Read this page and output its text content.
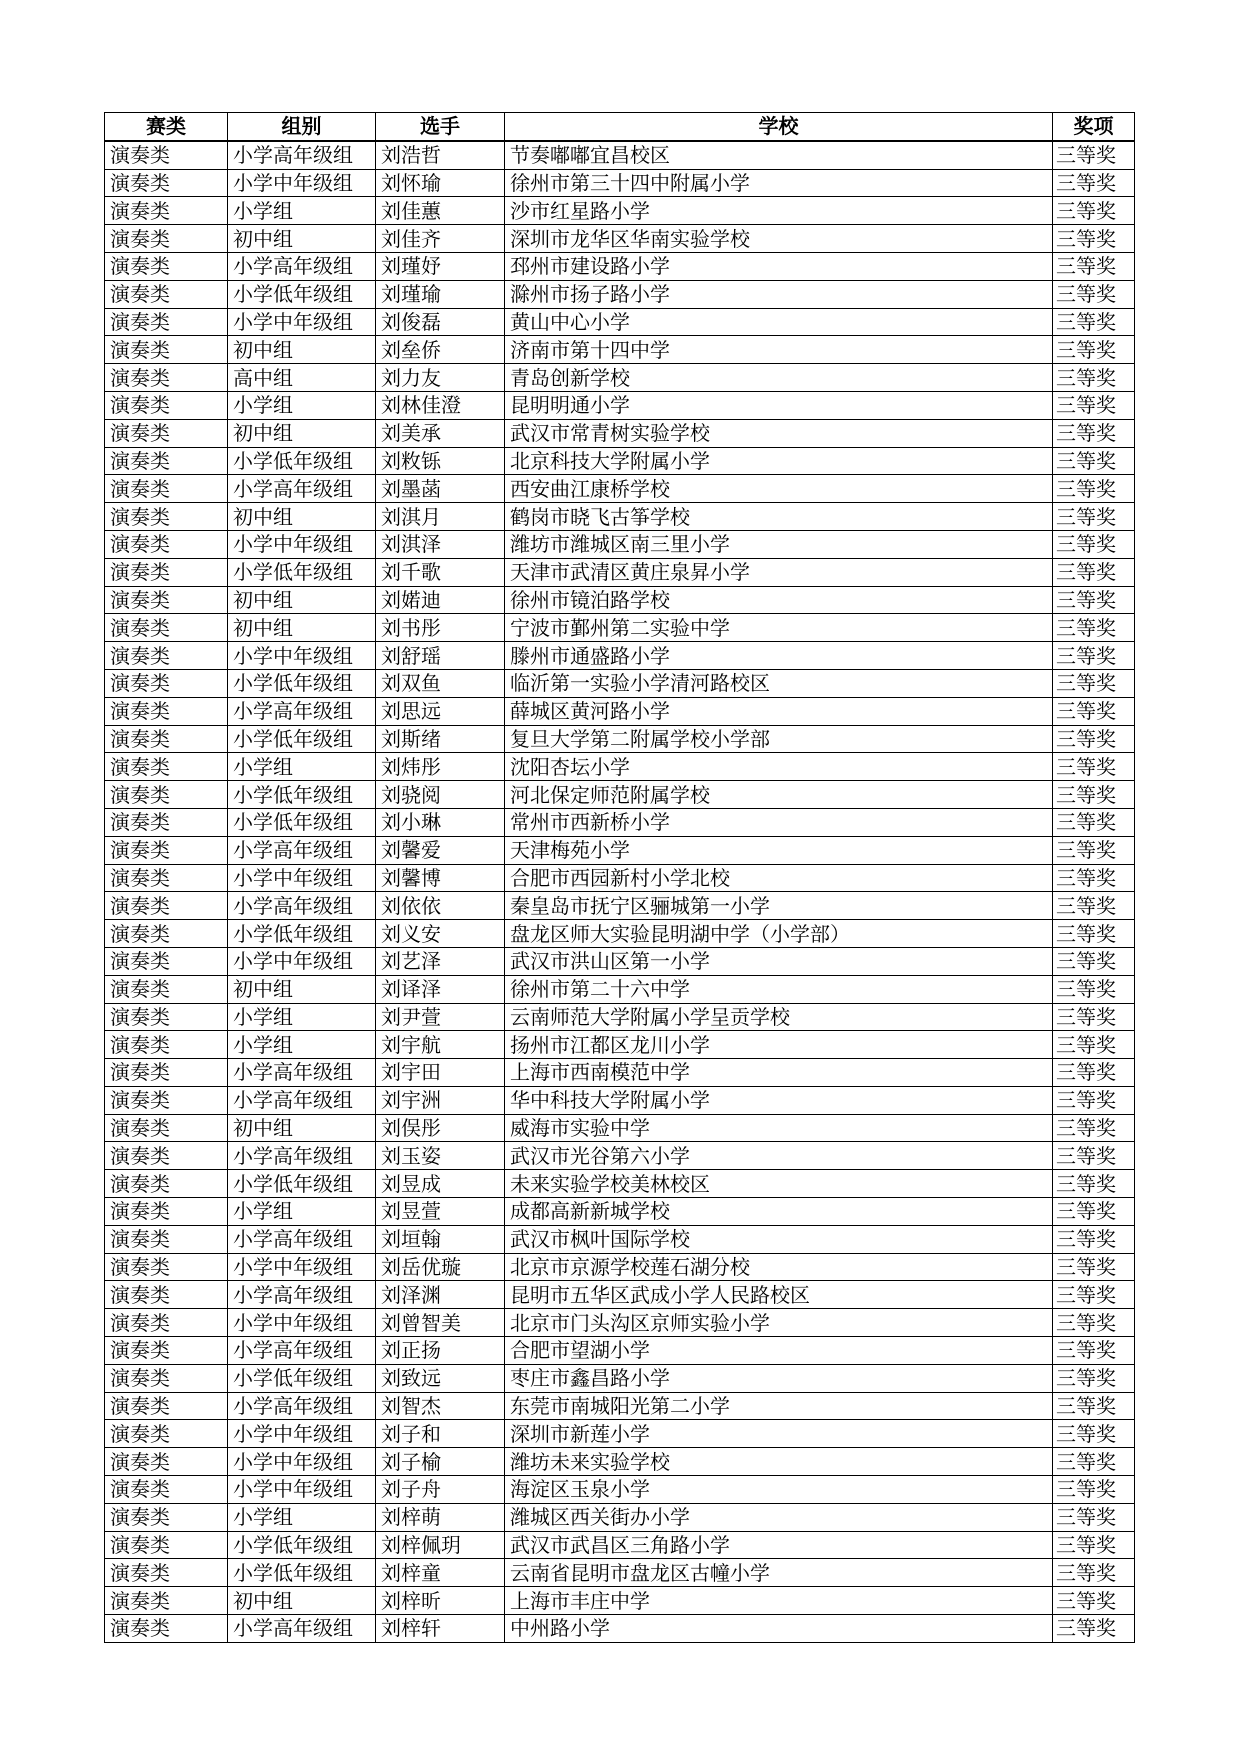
赛类	组别	选手	学校	奖项
演奏类	小学高年级组	刘浩哲	节奏嘟嘟宜昌校区	三等奖
演奏类	小学中年级组	刘怀瑜	徐州市第三十四中附属小学	三等奖
演奏类	小学组	刘佳蕙	沙市红星路小学	三等奖
演奏类	初中组	刘佳齐	深圳市龙华区华南实验学校	三等奖
演奏类	小学高年级组	刘瑾妤	邳州市建设路小学	三等奖
演奏类	小学低年级组	刘瑾瑜	滁州市扬子路小学	三等奖
演奏类	小学中年级组	刘俊磊	黄山中心小学	三等奖
演奏类	初中组	刘垒侨	济南市第十四中学	三等奖
演奏类	高中组	刘力友	青岛创新学校	三等奖
演奏类	小学组	刘林佳澄	昆明明通小学	三等奖
演奏类	初中组	刘美承	武汉市常青树实验学校	三等奖
演奏类	小学低年级组	刘敉铄	北京科技大学附属小学	三等奖
演奏类	小学高年级组	刘墨菡	西安曲江康桥学校	三等奖
演奏类	初中组	刘淇月	鹤岗市晓飞古筝学校	三等奖
演奏类	小学中年级组	刘淇泽	潍坊市潍城区南三里小学	三等奖
演奏类	小学低年级组	刘千歌	天津市武清区黄庄泉昇小学	三等奖
演奏类	初中组	刘婼迪	徐州市镜泊路学校	三等奖
演奏类	初中组	刘书彤	宁波市鄞州第二实验中学	三等奖
演奏类	小学中年级组	刘舒瑶	滕州市通盛路小学	三等奖
演奏类	小学低年级组	刘双鱼	临沂第一实验小学清河路校区	三等奖
演奏类	小学高年级组	刘思远	薛城区黄河路小学	三等奖
演奏类	小学低年级组	刘斯绪	复旦大学第二附属学校小学部	三等奖
演奏类	小学组	刘炜彤	沈阳杏坛小学	三等奖
演奏类	小学低年级组	刘骁阅	河北保定师范附属学校	三等奖
演奏类	小学低年级组	刘小琳	常州市西新桥小学	三等奖
演奏类	小学高年级组	刘馨爱	天津梅苑小学	三等奖
演奏类	小学中年级组	刘馨博	合肥市西园新村小学北校	三等奖
演奏类	小学高年级组	刘依依	秦皇岛市抚宁区骊城第一小学	三等奖
演奏类	小学低年级组	刘义安	盘龙区师大实验昆明湖中学（小学部）	三等奖
演奏类	小学中年级组	刘艺泽	武汉市洪山区第一小学	三等奖
演奏类	初中组	刘译泽	徐州市第二十六中学	三等奖
演奏类	小学组	刘尹萱	云南师范大学附属小学呈贡学校	三等奖
演奏类	小学组	刘宇航	扬州市江都区龙川小学	三等奖
演奏类	小学高年级组	刘宇田	上海市西南模范中学	三等奖
演奏类	小学高年级组	刘宇洲	华中科技大学附属小学	三等奖
演奏类	初中组	刘俣彤	威海市实验中学	三等奖
演奏类	小学高年级组	刘玉姿	武汉市光谷第六小学	三等奖
演奏类	小学低年级组	刘昱成	未来实验学校美林校区	三等奖
演奏类	小学组	刘昱萱	成都高新新城学校	三等奖
演奏类	小学高年级组	刘垣翰	武汉市枫叶国际学校	三等奖
演奏类	小学中年级组	刘岳优璇	北京市京源学校莲石湖分校	三等奖
演奏类	小学高年级组	刘泽渊	昆明市五华区武成小学人民路校区	三等奖
演奏类	小学中年级组	刘曾智美	北京市门头沟区京师实验小学	三等奖
演奏类	小学高年级组	刘正扬	合肥市望湖小学	三等奖
演奏类	小学低年级组	刘致远	枣庄市鑫昌路小学	三等奖
演奏类	小学高年级组	刘智杰	东莞市南城阳光第二小学	三等奖
演奏类	小学中年级组	刘子和	深圳市新莲小学	三等奖
演奏类	小学中年级组	刘子榆	潍坊未来实验学校	三等奖
演奏类	小学中年级组	刘子舟	海淀区玉泉小学	三等奖
演奏类	小学组	刘梓萌	潍城区西关街办小学	三等奖
演奏类	小学低年级组	刘梓佩玥	武汉市武昌区三角路小学	三等奖
演奏类	小学低年级组	刘梓童	云南省昆明市盘龙区古幢小学	三等奖
演奏类	初中组	刘梓昕	上海市丰庄中学	三等奖
演奏类	小学高年级组	刘梓轩	中州路小学	三等奖
